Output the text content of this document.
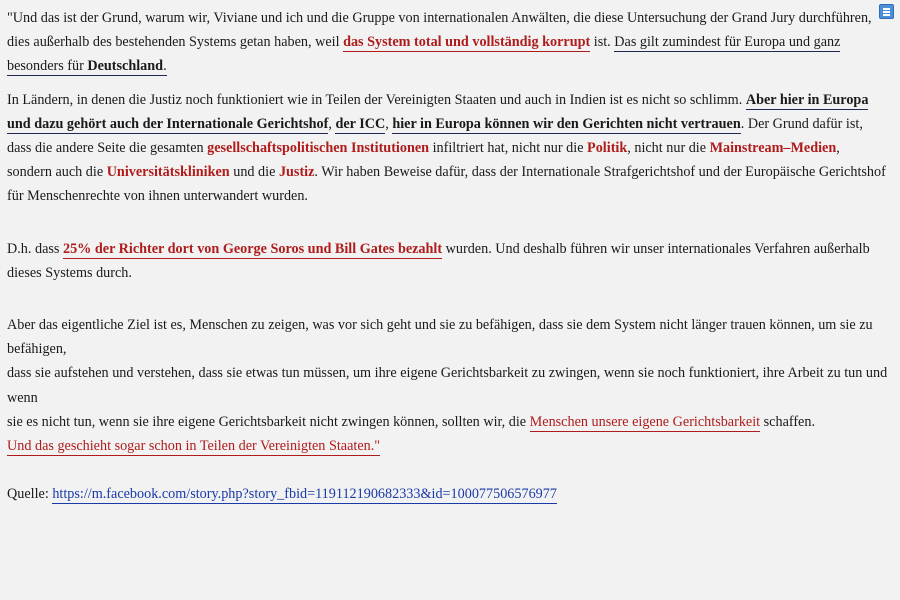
"Und das ist der Grund, warum wir, Viviane und ich und die Gruppe von internationalen Anwälten, die diese Untersuchung der Grand Jury durchführen, dies außerhalb des bestehenden Systems getan haben, weil das System total und vollständig korrupt ist. Das gilt zumindest für Europa und ganz besonders für Deutschland.

In Ländern, in denen die Justiz noch funktioniert wie in Teilen der Vereinigten Staaten und auch in Indien ist es nicht so schlimm. Aber hier in Europa und dazu gehört auch der Internationale Gerichtshof, der ICC, hier in Europa können wir den Gerichten nicht vertrauen. Der Grund dafür ist, dass die andere Seite die gesamten gesellschaftspolitischen Institutionen infiltriert hat, nicht nur die Politik, nicht nur die Mainstream–Medien, sondern auch die Universitätskliniken und die Justiz. Wir haben Beweise dafür, dass der Internationale Strafgerichtshof und der Europäische Gerichtshof für Menschenrechte von ihnen unterwandert wurden.

D.h. dass 25% der Richter dort von George Soros und Bill Gates bezahlt wurden. Und deshalb führen wir unser internationales Verfahren außerhalb dieses Systems durch.

Aber das eigentliche Ziel ist es, Menschen zu zeigen, was vor sich geht und sie zu befähigen, dass sie dem System nicht länger trauen können, um sie zu befähigen,
dass sie aufstehen und verstehen, dass sie etwas tun müssen, um ihre eigene Gerichtsbarkeit zu zwingen, wenn sie noch funktioniert, ihre Arbeit zu tun und wenn
sie es nicht tun, wenn sie ihre eigene Gerichtsbarkeit nicht zwingen können, sollten wir, die Menschen unsere eigene Gerichtsbarkeit schaffen.
Und das geschieht sogar schon in Teilen der Vereinigten Staaten."

Quelle: https://m.facebook.com/story.php?story_fbid=119112190682333&id=100077506576977
